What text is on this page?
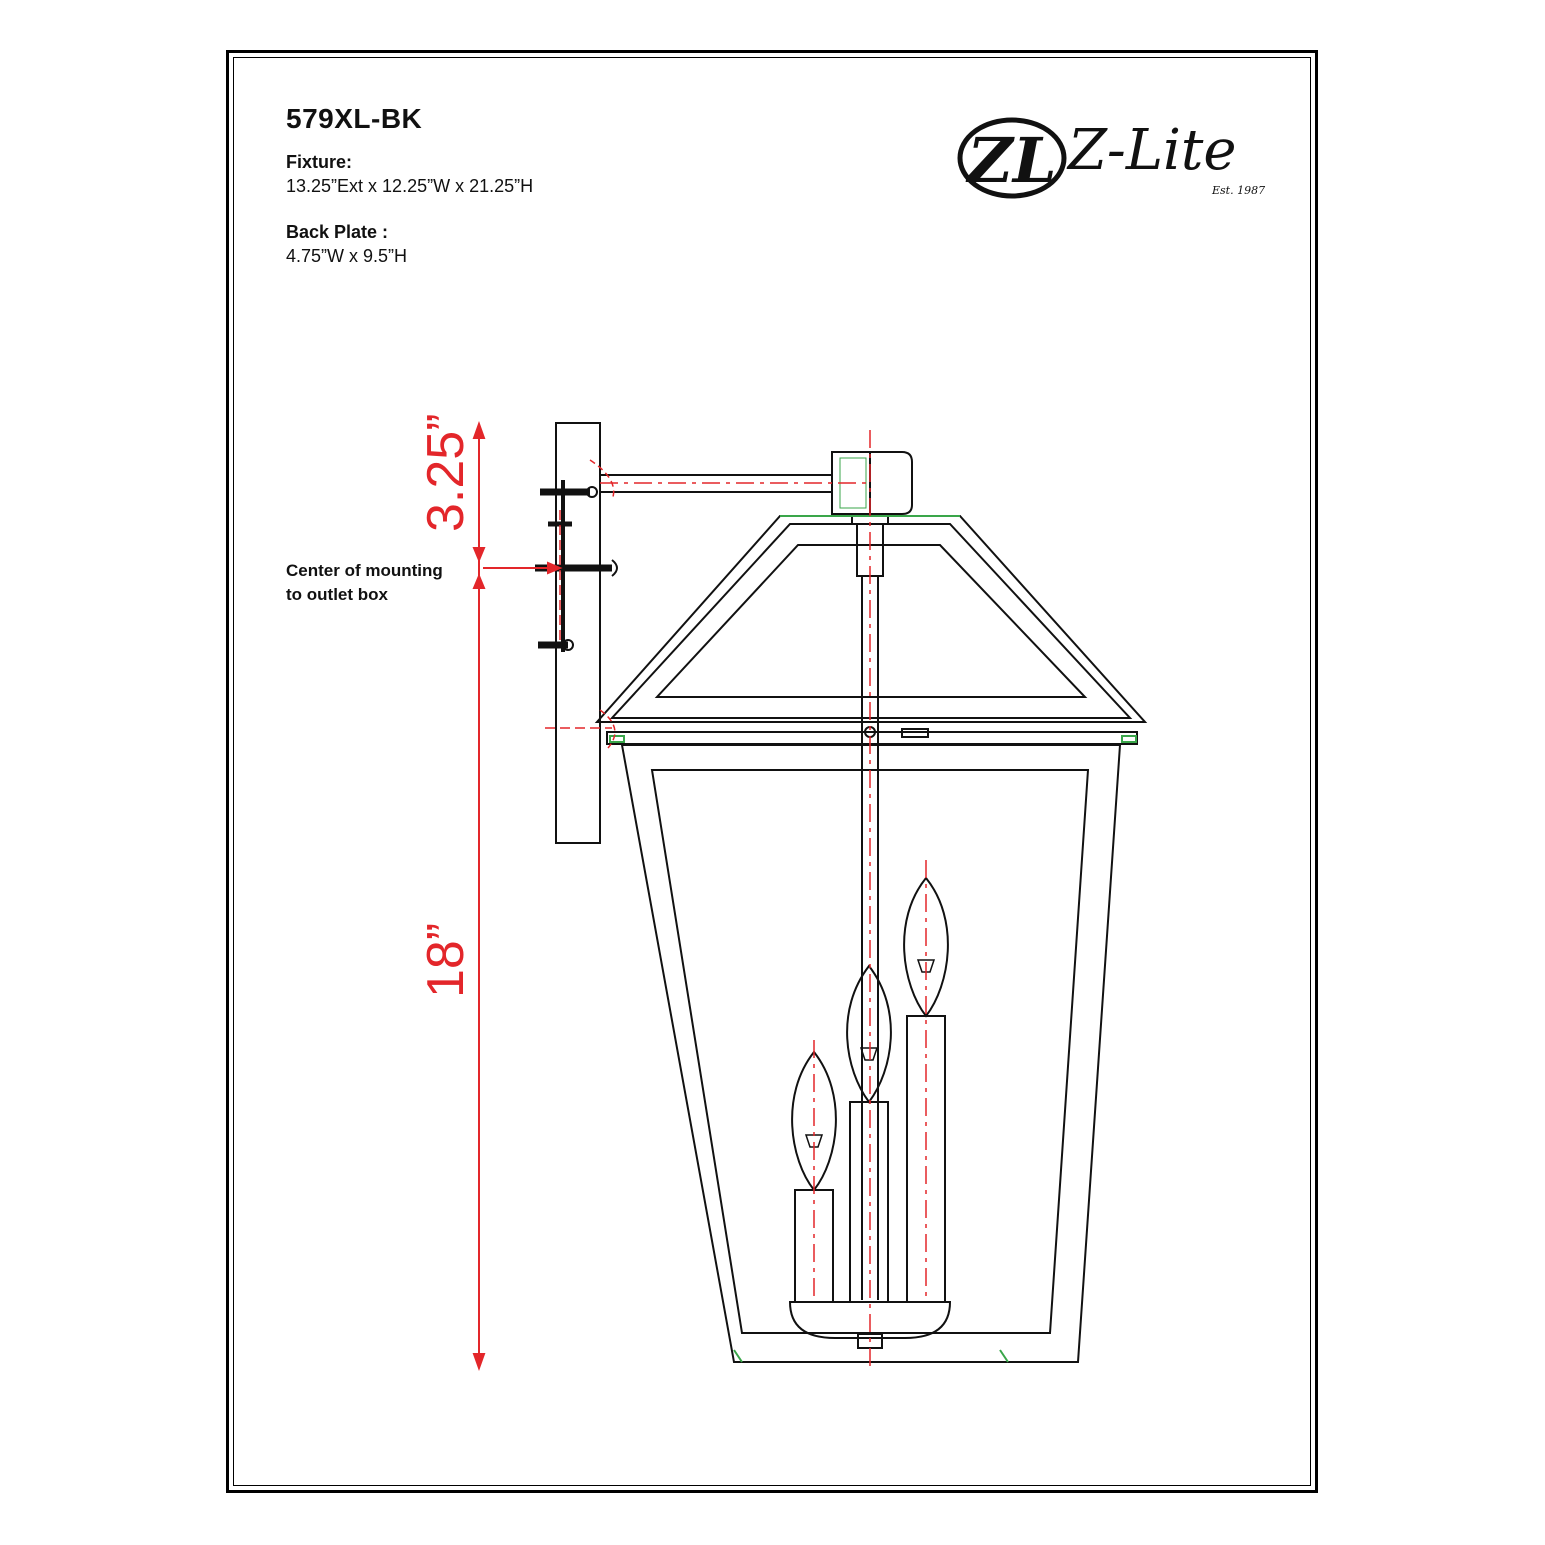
579XL-BK
Fixture:
13.25”Ext x 12.25”W x 21.25”H
Back Plate :
4.75”W x 9.5”H
Center of mounting
to outlet box
ZL Z-Lite
Est. 1987
3.25”
18”
